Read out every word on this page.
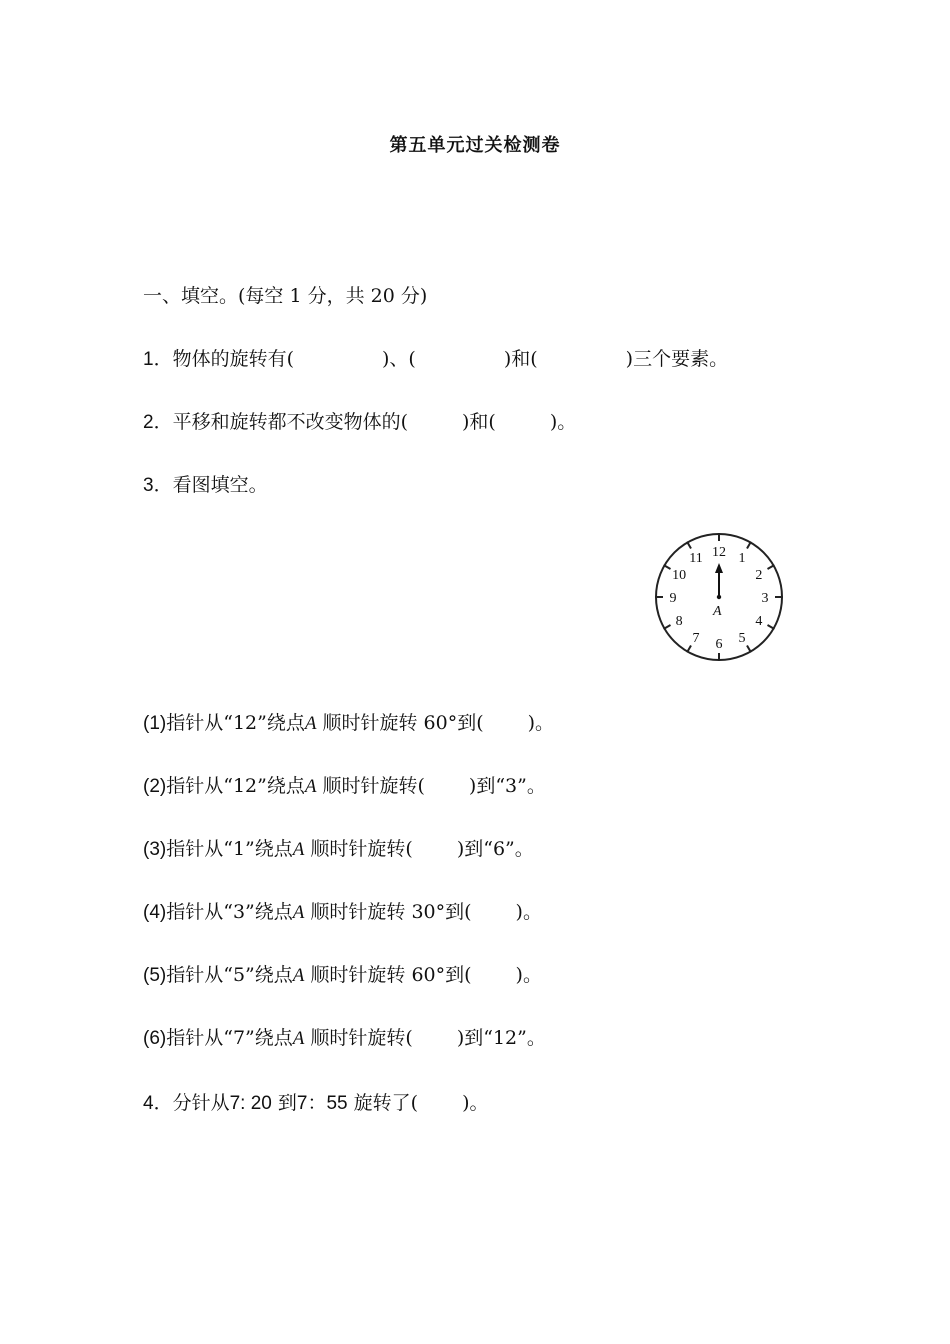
第五单元过关检测卷
一、填空。(每空 1 分，共 20 分)
1．物体的旋转有(	)、(	)和(	)三个要素。
2．平移和旋转都不改变物体的(	)和(	)。
3．看图填空。
12 1
2
3
4
5
6
7
8
9
10
11
A
(1)指针从“12”绕点A 顺时针旋转 60°到( )。
(2)指针从“12”绕点A 顺时针旋转( )到“3”。
(3)指针从“1”绕点A 顺时针旋转( )到“6”。
(4)指针从“3”绕点A 顺时针旋转 30°到( )。
(5)指针从“5”绕点A 顺时针旋转 60°到( )。
(6)指针从“7”绕点A 顺时针旋转( )到“12”。
4．分针从7: 20 到7：55 旋转了( )。
